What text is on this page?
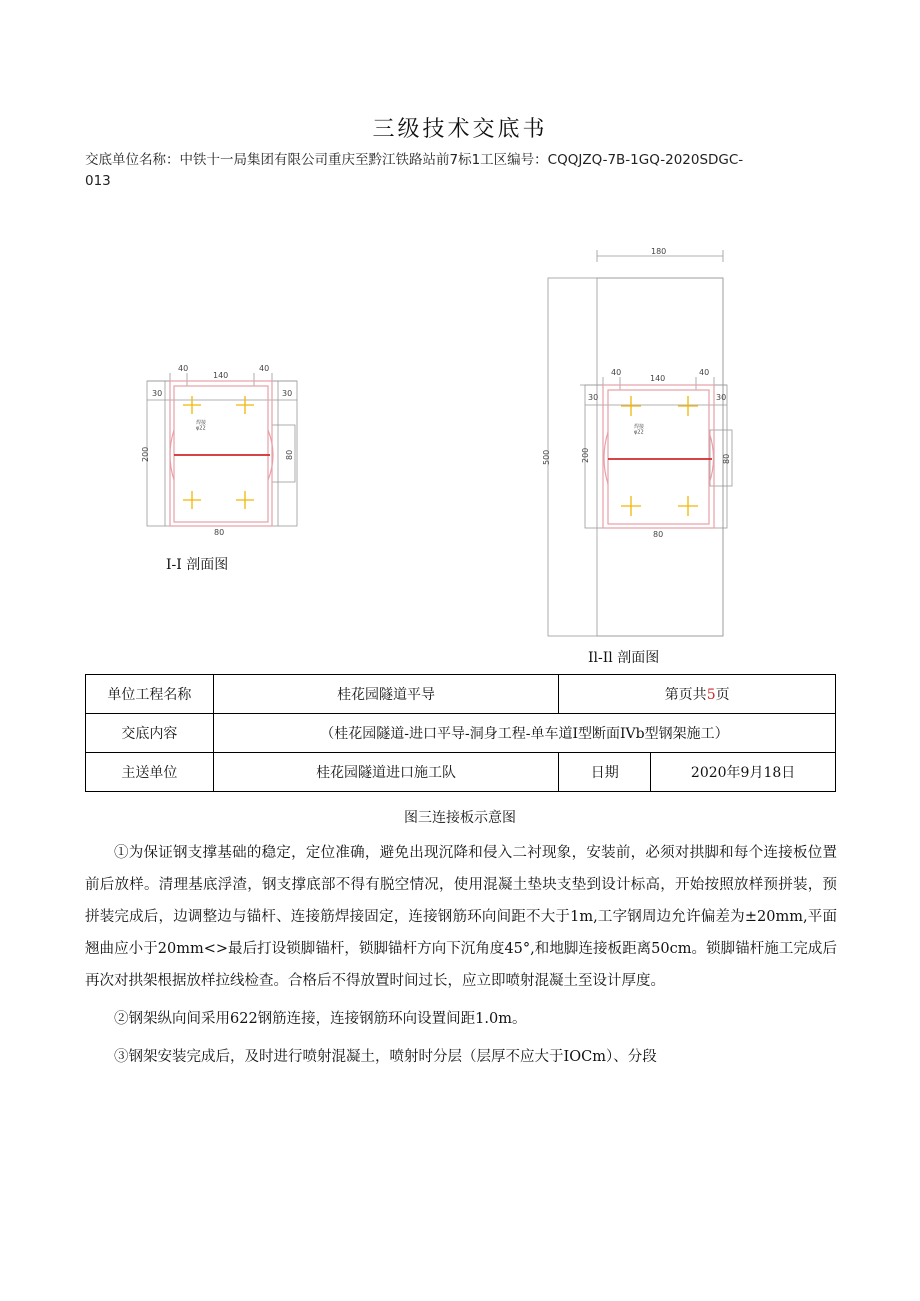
三级技术交底书
交底单位名称：中铁十一局集团有限公司重庆至黔江铁路站前7标1工区编号：CQQJZQ-7B-1GQ-2020SDGC-
013
40
140
40
30	30
200	80
80
焊接 φ22
I-I 剖面图
180
40
140
40
30	30
500	200	80
80
焊接 φ22
Il-Il 剖面图
单位工程名称	桂花园隧道平导	第页共5页	
交底内容	（桂花园隧道-进口平导-洞身工程-单车道I型断面IVb型钢架施工）		
主送单位	桂花园隧道进口施工队	日期	2020年9月18日
图三连接板示意图

①为保证钢支撑基础的稳定，定位准确，避免出现沉降和侵入二衬现象，安装前，必须对拱脚和每个连接板位置前后放样。清理基底浮渣，钢支撑底部不得有脱空情况，使用混凝土垫块支垫到设计标高，开始按照放样预拼装，预拼装完成后，边调整边与锚杆、连接筋焊接固定，连接钢筋环向间距不大于1m,工字钢周边允许偏差为±20mm,平面翘曲应小于20mm<>最后打设锁脚锚杆，锁脚锚杆方向下沉角度45°,和地脚连接板距离50cm。锁脚锚杆施工完成后再次对拱架根据放样拉线检查。合格后不得放置时间过长，应立即喷射混凝土至设计厚度。

②钢架纵向间采用622钢筋连接，连接钢筋环向设置间距1.0m。

③钢架安装完成后，及时进行喷射混凝土，喷射时分层（层厚不应大于IOCm）、分段
